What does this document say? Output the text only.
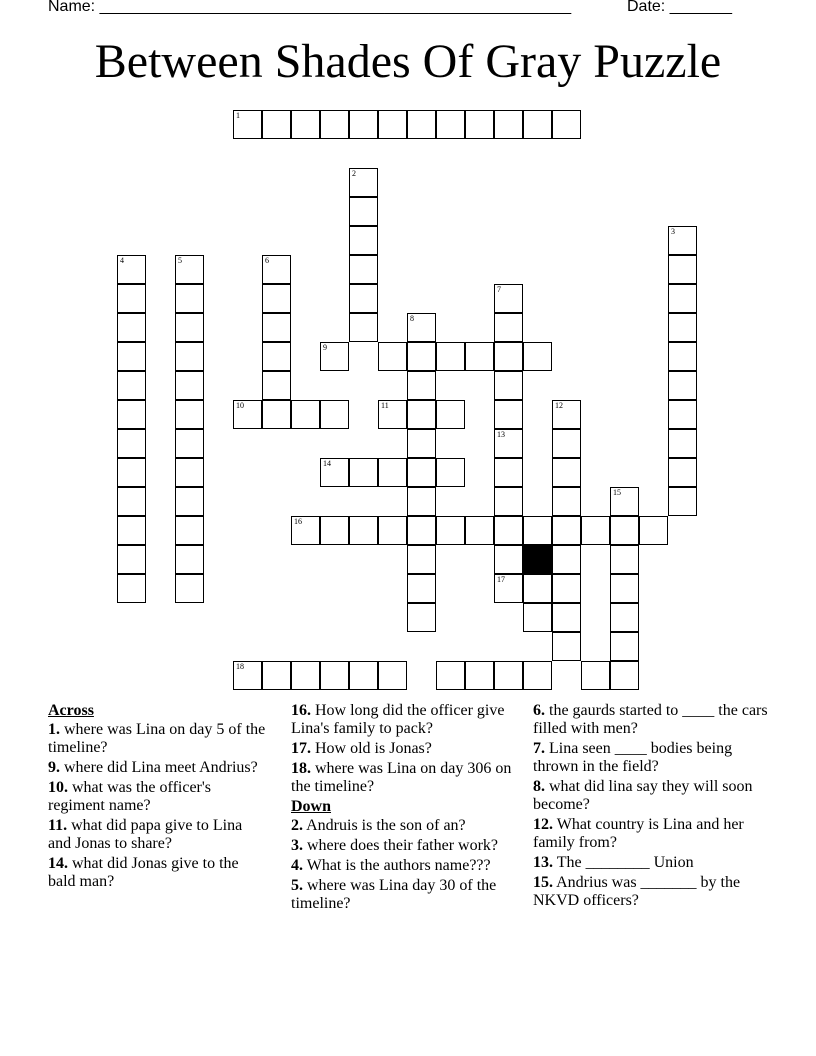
Name: _____________________________________________________	Date: _______
Between Shades Of Gray Puzzle
1
2
3
4	5	6
7
8
9
10	11	12
13
17
14
15
16
18
Across
1. where was Lina on day 5 of the timeline?
9. where did Lina meet Andrius?
10. what was the officer's regiment name?
11. what did papa give to Lina and Jonas to share?
14. what did Jonas give to the bald man?
16. How long did the officer give Lina's family to pack?
17. How old is Jonas?
18. where was Lina on day 306 on the timeline?
Down
2. Andruis is the son of an?
3. where does their father work?
4. What is the authors name???
5. where was Lina day 30 of the timeline?
6. the gaurds started to ____ the cars filled with men?
7. Lina seen ____ bodies being thrown in the field?
8. what did lina say they will soon become?
12. What country is Lina and her family from?
13. The ________ Union
15. Andrius was _______ by the NKVD officers?
